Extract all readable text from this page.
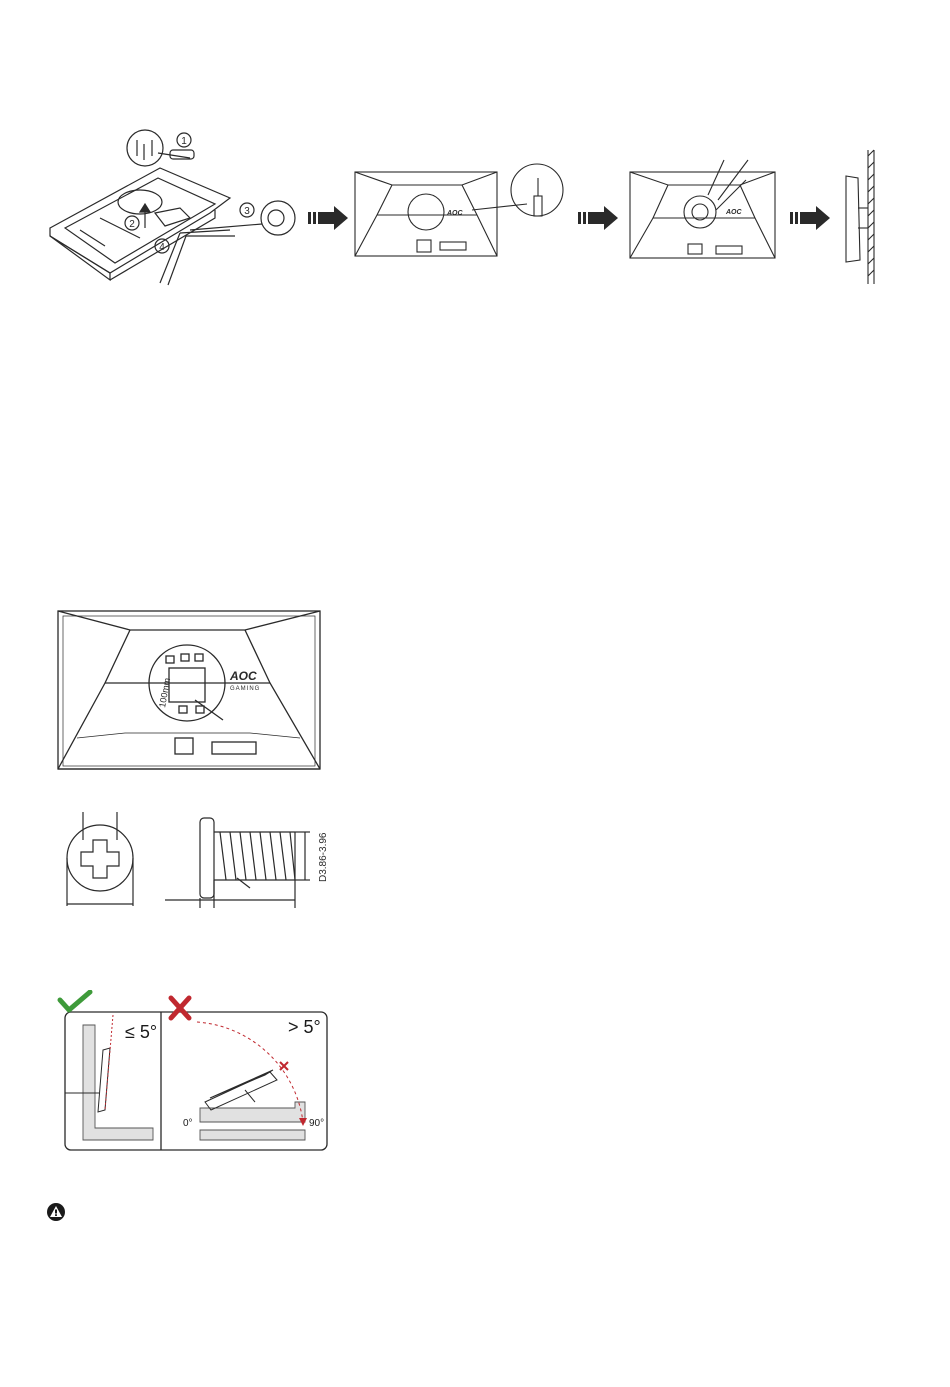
1
2
3
4
AOC	AOC
100mm
AOC
GAMING
D3.86-3.96
≤ 5°	> 5°
0°	90°
